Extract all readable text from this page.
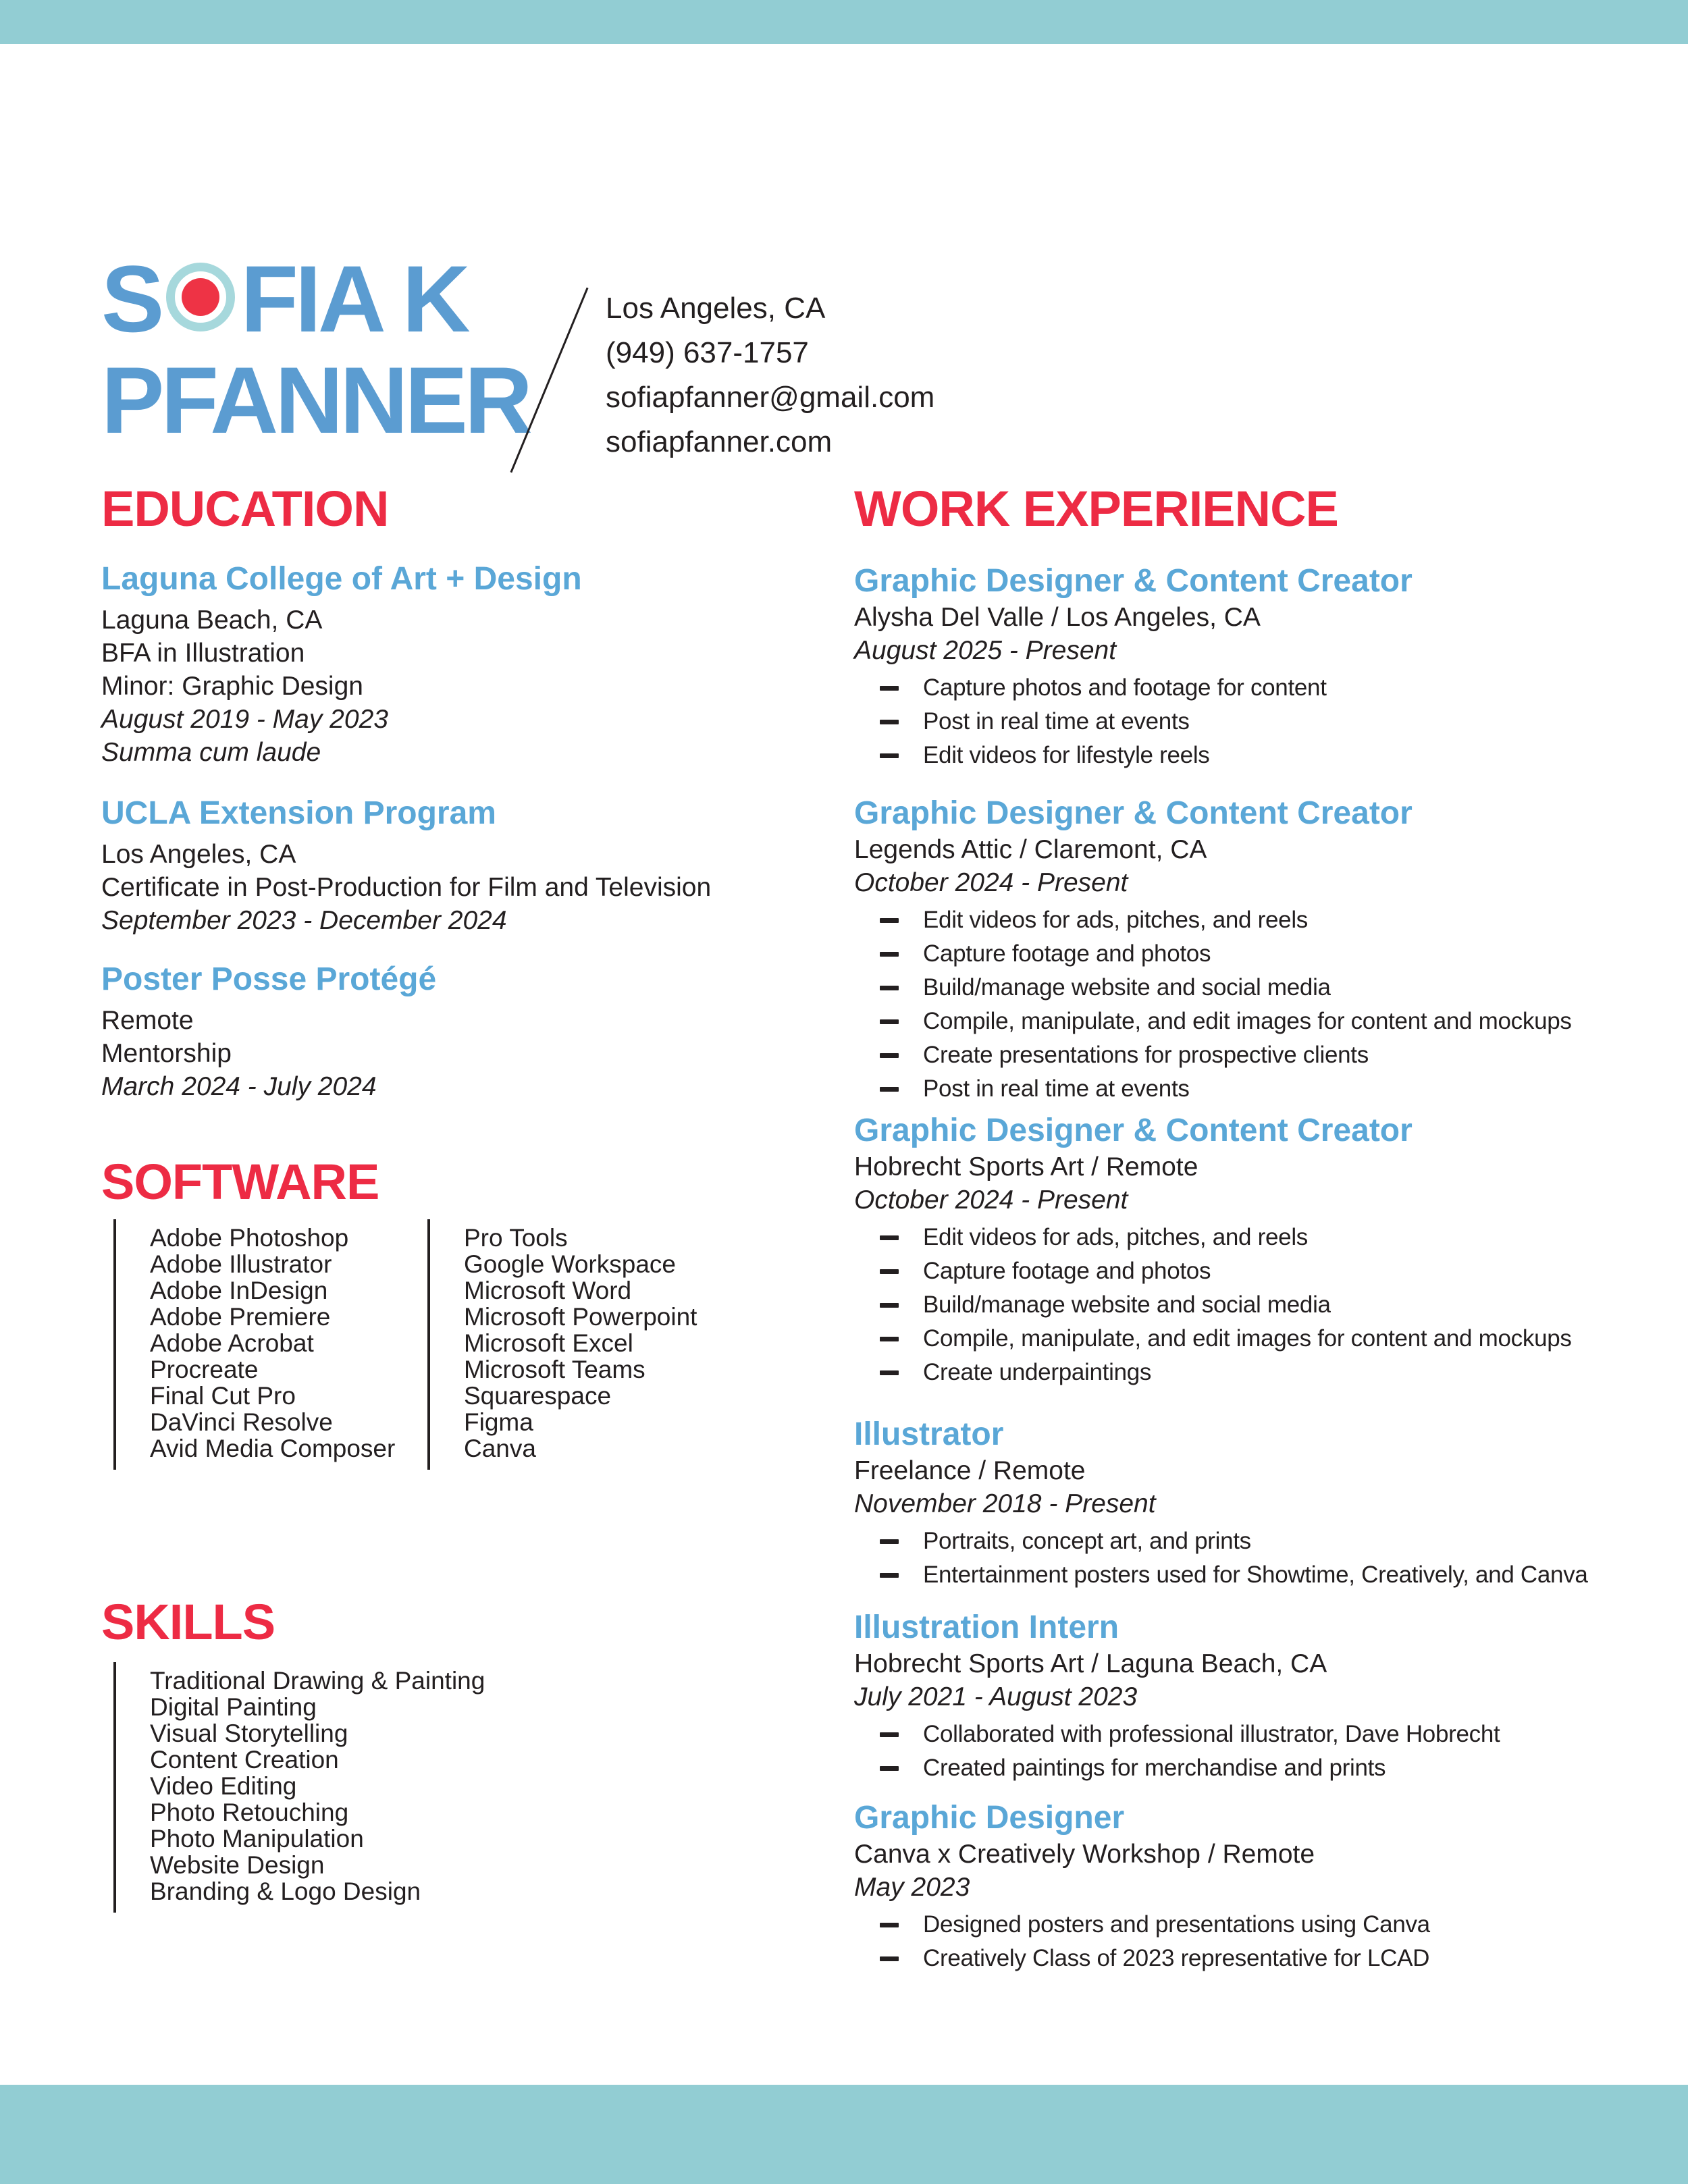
S FIA K
PFANNER
Los Angeles, CA
(949) 637-1757
sofiapfanner@gmail.com
sofiapfanner.com
EDUCATION
SOFTWARE
SKILLS
WORK EXPERIENCE
Laguna College of Art + Design
Laguna Beach, CA
BFA in Illustration
Minor: Graphic Design
August 2019 - May 2023
Summa cum laude
UCLA Extension Program
Los Angeles, CA
Certificate in Post-Production for Film and Television
September 2023 - December 2024
Poster Posse Protégé
Remote
Mentorship
March 2024 - July 2024
Adobe Photoshop
Adobe Illustrator
Adobe InDesign
Adobe Premiere
Adobe Acrobat
Procreate
Final Cut Pro
DaVinci Resolve
Avid Media Composer
Pro Tools
Google Workspace
Microsoft Word
Microsoft Powerpoint
Microsoft Excel
Microsoft Teams
Squarespace
Figma
Canva
Traditional Drawing & Painting
Digital Painting
Visual Storytelling
Content Creation
Video Editing
Photo Retouching
Photo Manipulation
Website Design
Branding & Logo Design
Graphic Designer & Content Creator
Alysha Del Valle / Los Angeles, CA
August 2025 - Present
Capture photos and footage for content
Post in real time at events
Edit videos for lifestyle reels
Graphic Designer & Content Creator
Legends Attic / Claremont, CA
October 2024 - Present
Edit videos for ads, pitches, and reels
Capture footage and photos
Build/manage website and social media
Compile, manipulate, and edit images for content and mockups
Create presentations for prospective clients
Post in real time at events
Graphic Designer & Content Creator
Hobrecht Sports Art / Remote
October 2024 - Present
Edit videos for ads, pitches, and reels
Capture footage and photos
Build/manage website and social media
Compile, manipulate, and edit images for content and mockups
Create underpaintings
Illustrator
Freelance / Remote
November 2018 - Present
Portraits, concept art, and prints
Entertainment posters used for Showtime, Creatively, and Canva
Illustration Intern
Hobrecht Sports Art / Laguna Beach, CA
July 2021 - August 2023
Collaborated with professional illustrator, Dave Hobrecht
Created paintings for merchandise and prints
Graphic Designer
Canva x Creatively Workshop / Remote
May 2023
Designed posters and presentations using Canva
Creatively Class of 2023 representative for LCAD
